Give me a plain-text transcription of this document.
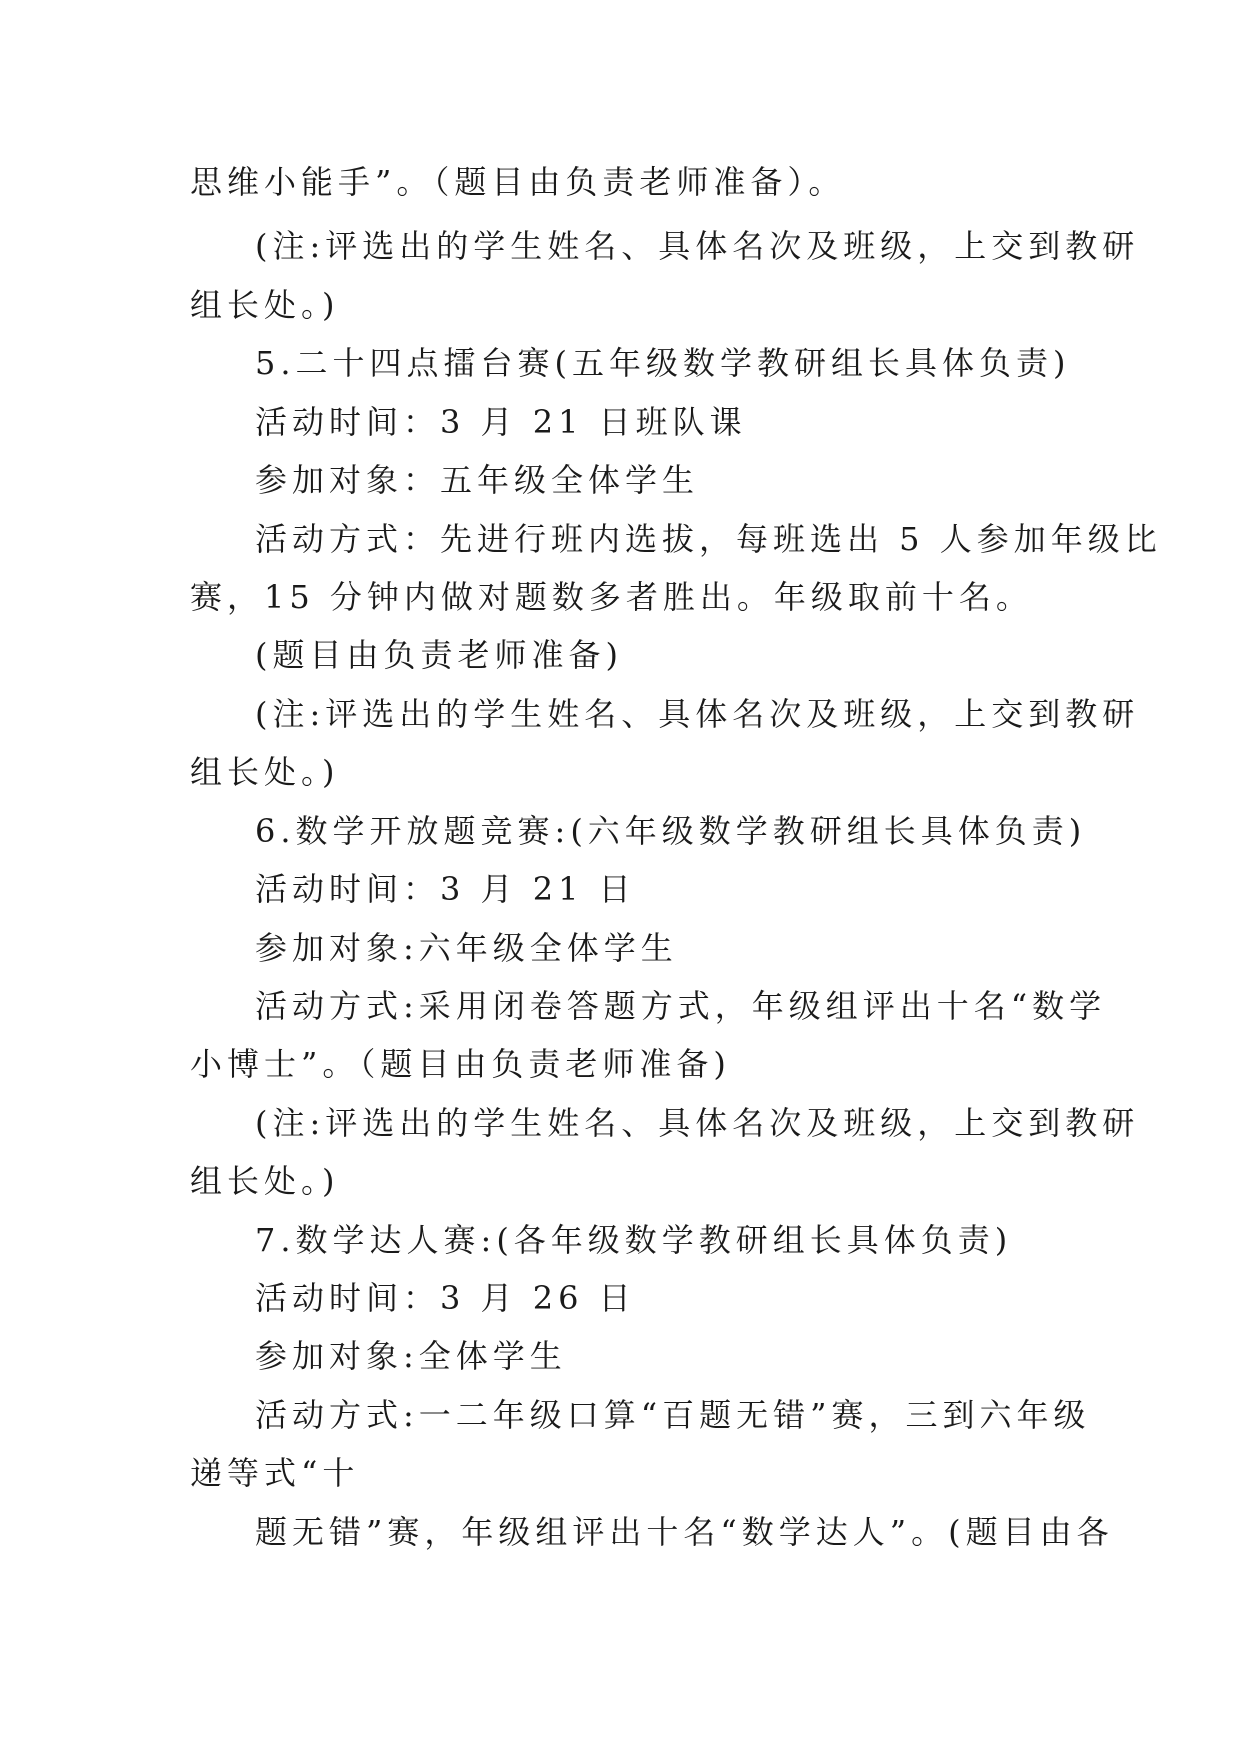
思维小能手”。（题目由负责老师准备）。
(注:评选出的学生姓名、具体名次及班级，上交到教研
组长处。)
5.二十四点擂台赛(五年级数学教研组长具体负责)
活动时间：3 月 21 日班队课
参加对象：五年级全体学生
活动方式：先进行班内选拔，每班选出 5 人参加年级比
赛，15 分钟内做对题数多者胜出。年级取前十名。
(题目由负责老师准备)
(注:评选出的学生姓名、具体名次及班级，上交到教研
组长处。)
6.数学开放题竞赛:(六年级数学教研组长具体负责)
活动时间：3 月 21 日
参加对象:六年级全体学生
活动方式:采用闭卷答题方式，年级组评出十名“数学
小博士”。（题目由负责老师准备)
(注:评选出的学生姓名、具体名次及班级，上交到教研
组长处。)
7.数学达人赛:(各年级数学教研组长具体负责)
活动时间：3 月 26 日
参加对象:全体学生
活动方式:一二年级口算“百题无错”赛，三到六年级
递等式“十
题无错”赛，年级组评出十名“数学达人”。(题目由各
